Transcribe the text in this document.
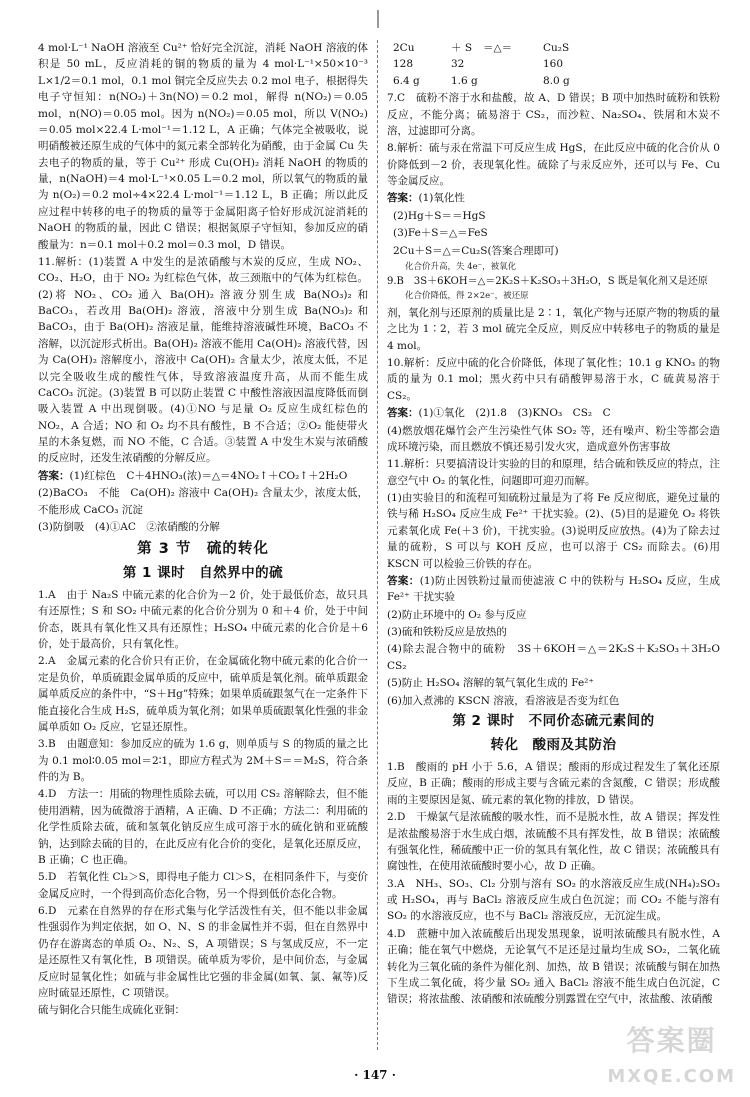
4 mol·L⁻¹ NaOH 溶液至 Cu²⁺ 恰好完全沉淀，消耗 NaOH 溶液的体积是 50 mL，反应消耗的铜的物质的量为 4 mol·L⁻¹×50×10⁻³ L×1/2＝0.1 mol，0.1 mol 铜完全反应失去 0.2 mol 电子，根据得失电子守恒知：n(NO₂)＋3n(NO)＝0.2 mol，解得 n(NO₂)＝0.05 mol，n(NO)＝0.05 mol。因为 n(NO₂)＝0.05 mol，所以 V(NO₂)＝0.05 mol×22.4 L·mol⁻¹＝1.12 L，A 正确；气体完全被吸收，说明硝酸被还原生成的气体中的氮元素全部转化为硝酸，由于金属 Cu 失去电子的物质的量，等于 Cu²⁺ 形成 Cu(OH)₂ 消耗 NaOH 的物质的量，n(NaOH)＝4 mol·L⁻¹×0.05 L＝0.2 mol，所以氧气的物质的量为 n(O₂)＝0.2 mol÷4×22.4 L·mol⁻¹＝1.12 L，B 正确；所以此反应过程中转移的电子的物质的量等于金属阳离子恰好形成沉淀消耗的 NaOH 的物质的量，因此 C 错误；根据氮原子守恒知，参加反应的硝酸量为：n＝0.1 mol＋0.2 mol＝0.3 mol，D 错误。

11.解析：(1)装置 A 中发生的是浓硝酸与木炭的反应，生成 NO₂、CO₂、H₂O，由于 NO₂ 为红棕色气体，故三颈瓶中的气体为红棕色。(2)将 NO₂、CO₂ 通入 Ba(OH)₂ 溶液分别生成 Ba(NO₃)₂ 和 BaCO₃，若改用 Ba(OH)₂ 溶液，溶液中分别生成 Ba(NO₃)₂ 和 BaCO₃，由于 Ba(OH)₂ 溶液足量，能维持溶液碱性环境，BaCO₃ 不溶解，以沉淀形式析出。Ba(OH)₂ 溶液不能用 Ca(OH)₂ 溶液代替，因为 Ca(OH)₂ 溶解度小，溶液中 Ca(OH)₂ 含量太少，浓度太低，不足以完全吸收生成的酸性气体，导致溶液温度升高，从而不能生成 CaCO₃ 沉淀。(3)装置 B 可以防止装置 C 中酸性溶液因温度降低而倒吸入装置 A 中出现倒吸。(4)①NO 与足量 O₂ 反应生成红棕色的 NO₂，A 合适；NO 和 O₂ 均不具有酸性，B 不合适；②O₂ 能使带火星的木条复燃，而 NO 不能，C 合适。③装置 A 中发生木炭与浓硝酸的反应时，还发生浓硝酸的分解反应。

答案：(1)红棕色　C＋4HNO₃(浓)＝△＝4NO₂↑＋CO₂↑＋2H₂O

(2)BaCO₃　不能　Ca(OH)₂ 溶液中 Ca(OH)₂ 含量太少，浓度太低，不能形成 CaCO₃ 沉淀

(3)防倒吸　(4)①AC　②浓硝酸的分解

第 3 节　硫的转化
第 1 课时　自然界中的硫

1.A　由于 Na₂S 中硫元素的化合价为－2 价，处于最低价态，故只具有还原性；S 和 SO₂ 中硫元素的化合价分别为 0 和＋4 价，处于中间价态，既具有氧化性又具有还原性；H₂SO₄ 中硫元素的化合价是＋6 价，处于最高价，只有氧化性。

2.A　金属元素的化合价只有正价，在金属硫化物中硫元素的化合价一定是负价，单质硫跟金属单质的反应中，硫单质是氧化剂。硫单质跟金属单质反应的条件中，“S＋Hg”特殊；如果单质硫跟氢气在一定条件下能直接化合生成 H₂S，硫单质为氧化剂；如果单质硫跟氧化性强的非金属单质如 O₂ 反应，它显还原性。

3.B　由题意知：参加反应的硫为 1.6 g，则单质与 S 的物质的量之比为 0.1 mol∶0.05 mol＝2∶1，即应方程式为 2M＋S＝＝M₂S，符合条件的为 B。

4.D　方法一：用硫的物理性质除去硫，可以用 CS₂ 溶解除去，但不能使用酒精，因为硫微溶于酒精，A 正确、D 不正确；方法二：利用硫的化学性质除去硫，硫和氢氧化钠反应生成可溶于水的硫化钠和亚硫酸钠，达到除去硫的目的，在此反应有化合价的变化，是氧化还原反应，B 正确；C 也正确。

5.D　若氧化性 Cl₂＞S，即得电子能力 Cl＞S，在相同条件下，与变价金属反应时，一个得到高价态化合物，另一个得到低价态化合物。

6.D　元素在自然界的存在形式集与化学活泼性有关，但不能以非金属性强弱作为判定依据，如 O、N、S 的非金属性并不弱，但在自然界中仍存在游离态的单质 O₂、N₂、S，A 项错误；S 与氢成反应，不一定是还原性又有氧化性，B 项错误。硫单质为零价，是中间价态，与金属反应时显氧化性；如硫与非金属性比它强的非金属(如氧、氯、氟等)反应时硫显还原性，C 项错误。

硫与铜化合只能生成硫化亚铜：

2Cu	＋ S	＝△＝	Cu₂S
128	32	160
6.4 g	1.6 g	8.0 g

7.C　硫粉不溶于水和盐酸，故 A、D 错误；B 项中加热时硫粉和铁粉反应，不能分离；硫易溶于 CS₂，而沙粒、Na₂SO₄、铁屑和木炭不溶，过滤即可分离。

8.解析：硫与汞在常温下可反应生成 HgS，在此反应中硫的化合价从 0 价降低到－2 价，表现氧化性。硫除了与汞反应外，还可以与 Fe、Cu 等金属反应。

答案：(1)氧化性

(2)Hg＋S＝＝HgS

(3)Fe＋S＝△＝FeS

2Cu＋S＝△＝Cu₂S(答案合理即可)

化合价升高，失 4e⁻，被氧化
9.B　3S＋6KOH＝△＝2K₂S＋K₂SO₃＋3H₂O，S 既是氧化剂又是还原
化合价降低，得 2×2e⁻，被还原

剂，氧化剂与还原剂的质量比是 2∶1，氧化产物与还原产物的物质的量之比为 1∶2，若 3 mol 硫完全反应，则反应中转移电子的物质的量是 4 mol。

10.解析：反应中硫的化合价降低，体现了氧化性；10.1 g KNO₃ 的物质的量为 0.1 mol；黑火药中只有硝酸钾易溶于水，C 硫黄易溶于 CS₂。

答案：(1)①氧化　(2)1.8　(3)KNO₃　CS₂　C

(4)燃放烟花爆竹会产生污染性气体 SO₂ 等，还有噪声、粉尘等都会造成环境污染，而且燃放不慎还易引发火灾，造成意外伤害事故

11.解析：只要搞清设计实验的目的和原理，结合硫和铁反应的特点，注意空气中 O₂ 的氧化性，问题即可迎刃而解。

(1)由实验目的和流程可知硫粉过量是为了将 Fe 反应彻底，避免过量的铁与稀 H₂SO₄ 反应生成 Fe²⁺ 干扰实验。(2)、(5)目的是避免 O₂ 将铁元素氧化成 Fe(＋3 价)，干扰实验。(3)说明反应放热。(4)为了除去过量的硫粉，S 可以与 KOH 反应，也可以溶于 CS₂ 而除去。(6)用 KSCN 可以检验三价铁的存在。

答案：(1)防止因铁粉过量而使滤液 C 中的铁粉与 H₂SO₄ 反应，生成 Fe²⁺ 干扰实验

(2)防止环境中的 O₂ 参与反应

(3)硫和铁粉反应是放热的

(4)除去混合物中的硫粉　3S＋6KOH＝△＝2K₂S＋K₂SO₃＋3H₂O　CS₂

(5)防止 H₂SO₄ 溶解的氧气氧化生成的 Fe²⁺

(6)加入煮沸的 KSCN 溶液，看溶液是否变为红色

第 2 课时　不同价态硫元素间的
转化　酸雨及其防治

1.B　酸雨的 pH 小于 5.6，A 错误；酸雨的形成过程发生了氧化还原反应，B 正确；酸雨的形成主要与含硫元素的含氮酸，C 错误；形成酸雨的主要原因是氮、硫元素的氧化物的排放，D 错误。

2.D　干燥氯气是浓硫酸的吸水性，而不是脱水性，故 A 错误；挥发性是浓盐酸易溶于水生成白烟，浓硫酸不具有挥发性，故 B 错误；浓硫酸有强氧化性，稀硫酸中正一价的氢具有氧化性，故 C 错误；浓硫酸具有腐蚀性，在使用浓硫酸时要小心，故 D 正确。

3.A　NH₃、SO₃、Cl₂ 分别与溶有 SO₂ 的水溶液反应生成(NH₄)₂SO₃ 或 H₂SO₄，再与 BaCl₂ 溶液反应生成白色沉淀；而 CO₂ 不能与溶有 SO₂ 的水溶液反应，也不与 BaCl₂ 溶液反应，无沉淀生成。

4.D　蔗糖中加入浓硫酸后出现发黑现象，说明浓硫酸具有脱水性，A 正确；能在氧气中燃烧，无论氧气不足还是过量均生成 SO₂，二氧化硫转化为三氧化硫的条件为催化剂、加热，故 B 错误；浓硫酸与铜在加热下生成二氧化硫，将少量 SO₂ 通入 BaCl₂ 溶液不能生成白色沉淀，C 错误；将浓盐酸、浓硝酸和浓硫酸分别露置在空气中，浓盐酸、浓硝酸

· 147 ·
答案圈
MXQE.COM
